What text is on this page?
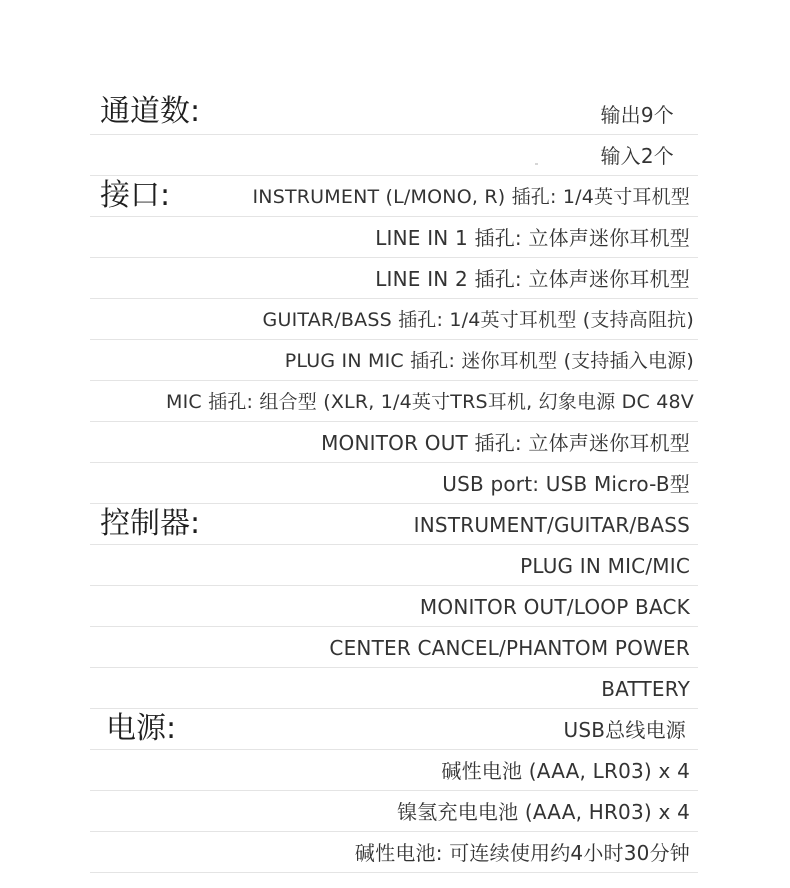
通道数:	输出9个
输入2个
接口:	INSTRUMENT (L/MONO, R) 插孔: 1/4英寸耳机型
LINE IN 1 插孔: 立体声迷你耳机型
LINE IN 2 插孔: 立体声迷你耳机型
GUITAR/BASS 插孔: 1/4英寸耳机型 (支持高阻抗)
PLUG IN MIC 插孔: 迷你耳机型 (支持插入电源)
MIC 插孔: 组合型 (XLR, 1/4英寸TRS耳机, 幻象电源 DC 48V
MONITOR OUT 插孔: 立体声迷你耳机型
USB port: USB Micro-B型
控制器:	INSTRUMENT/GUITAR/BASS
PLUG IN MIC/MIC
MONITOR OUT/LOOP BACK
CENTER CANCEL/PHANTOM POWER
BATTERY
电源:	USB总线电源
碱性电池 (AAA, LR03) x 4
镍氢充电电池 (AAA, HR03) x 4
碱性电池: 可连续使用约4小时30分钟
